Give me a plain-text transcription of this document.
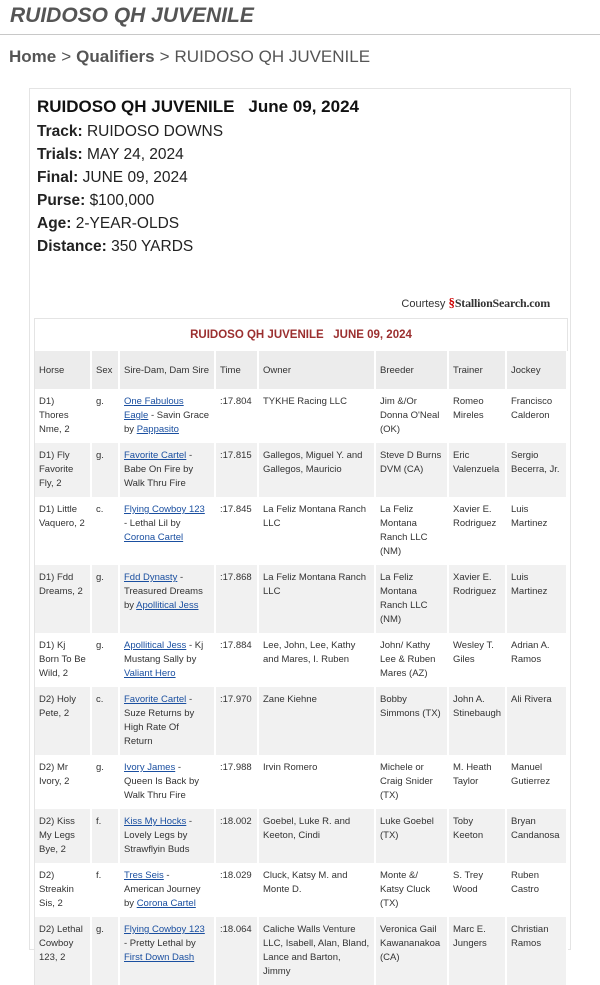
RUIDOSO QH JUVENILE
Home > Qualifiers > RUIDOSO QH JUVENILE
RUIDOSO QH JUVENILE June 09, 2024
Track: RUIDOSO DOWNS
Trials: MAY 24, 2024
Final: JUNE 09, 2024
Purse: $100,000
Age: 2-YEAR-OLDS
Distance: 350 YARDS
Courtesy §StallionSearch.com
RUIDOSO QH JUVENILE   JUNE 09, 2024
Horse	Sex	Sire-Dam, Dam Sire	Time	Owner	Breeder	Trainer	Jockey
D1) Thores Nme, 2	g.	One Fabulous Eagle - Savin Grace by Pappasito	:17.804	TYKHE Racing LLC	Jim &/Or Donna O'Neal (OK)	Romeo Mireles	Francisco Calderon
D1) Fly Favorite Fly, 2	g.	Favorite Cartel - Babe On Fire by Walk Thru Fire	:17.815	Gallegos, Miguel Y. and Gallegos, Mauricio	Steve D Burns DVM (CA)	Eric Valenzuela	Sergio Becerra, Jr.
D1) Little Vaquero, 2	c.	Flying Cowboy 123 - Lethal Lil by Corona Cartel	:17.845	La Feliz Montana Ranch LLC	La Feliz Montana Ranch LLC (NM)	Xavier E. Rodriguez	Luis Martinez
D1) Fdd Dreams, 2	g.	Fdd Dynasty - Treasured Dreams by Apollitical Jess	:17.868	La Feliz Montana Ranch LLC	La Feliz Montana Ranch LLC (NM)	Xavier E. Rodriguez	Luis Martinez
D1) Kj Born To Be Wild, 2	g.	Apollitical Jess - Kj Mustang Sally by Valiant Hero	:17.884	Lee, John, Lee, Kathy and Mares, I. Ruben	John/ Kathy Lee & Ruben Mares (AZ)	Wesley T. Giles	Adrian A. Ramos
D2) Holy Pete, 2	c.	Favorite Cartel - Suze Returns by High Rate Of Return	:17.970	Zane Kiehne	Bobby Simmons (TX)	John A. Stinebaugh	Ali Rivera
D2) Mr Ivory, 2	g.	Ivory James - Queen Is Back by Walk Thru Fire	:17.988	Irvin Romero	Michele or Craig Snider (TX)	M. Heath Taylor	Manuel Gutierrez
D2) Kiss My Legs Bye, 2	f.	Kiss My Hocks - Lovely Legs by Strawflyin Buds	:18.002	Goebel, Luke R. and Keeton, Cindi	Luke Goebel (TX)	Toby Keeton	Bryan Candanosa
D2) Streakin Sis, 2	f.	Tres Seis - American Journey by Corona Cartel	:18.029	Cluck, Katsy M. and Monte D.	Monte &/ Katsy Cluck (TX)	S. Trey Wood	Ruben Castro
D2) Lethal Cowboy 123, 2	g.	Flying Cowboy 123 - Pretty Lethal by First Down Dash	:18.064	Caliche Walls Venture LLC, Isabell, Alan, Bland, Lance and Barton, Jimmy	Veronica Gail Kawananakoa (CA)	Marc E. Jungers	Christian Ramos
